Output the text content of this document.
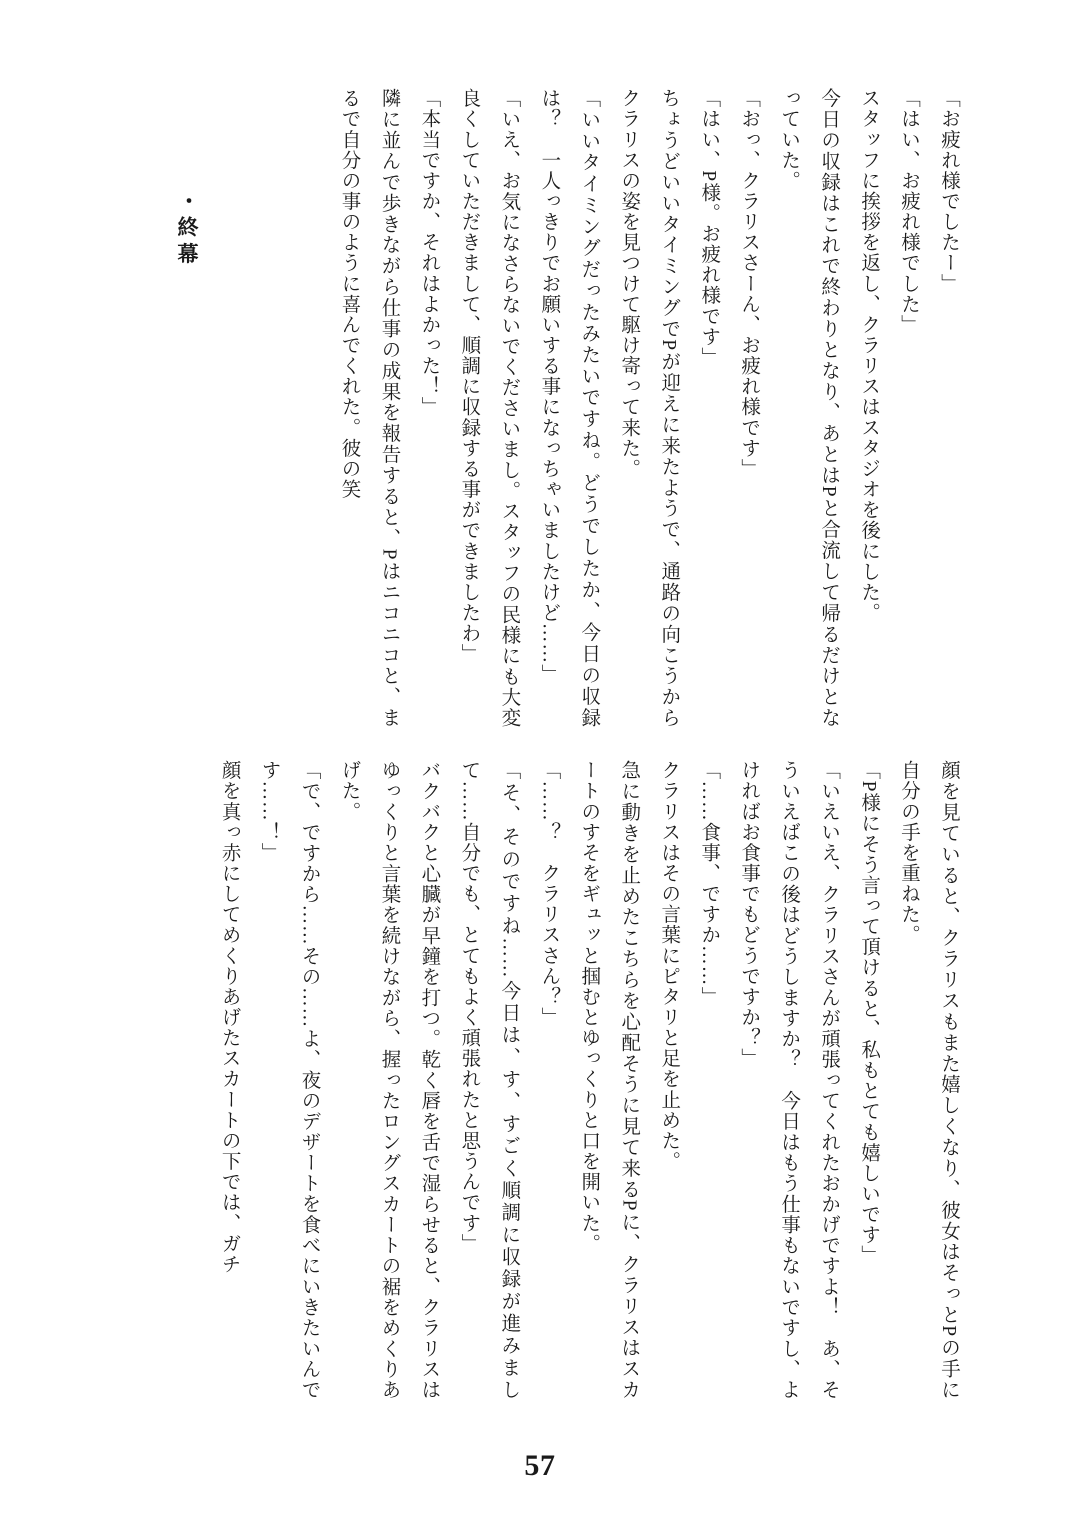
・終幕	「お疲れ様でしたー」

「はい、お疲れ様でした」

スタッフに挨拶を返し、クラリスはスタジオを後にした。

今日の収録はこれで終わりとなり、あとはPと合流して帰るだけとなっていた。

「おっ、クラリスさーん、お疲れ様です」

「はい、P様。お疲れ様です」

ちょうどいいタイミングでPが迎えに来たようで、通路の向こうからクラリスの姿を見つけて駆け寄って来た。

「いいタイミングだったみたいですね。どうでしたか、今日の収録は？　一人っきりでお願いする事になっちゃいましたけど……」

「いえ、お気になさらないでくださいまし。スタッフの民様にも大変良くしていただきまして、順調に収録する事ができましたわ」

「本当ですか、それはよかった！」

隣に並んで歩きながら仕事の成果を報告すると、Pはニコニコと、まるで自分の事のように喜んでくれた。彼の笑

顔を見ていると、クラリスもまた嬉しくなり、彼女はそっとPの手に自分の手を重ねた。

「P様にそう言って頂けると、私もとても嬉しいです」

「いえいえ、クラリスさんが頑張ってくれたおかげですよ！　あ、そういえばこの後はどうしますか？　今日はもう仕事もないですし、よければお食事でもどうですか？」

「……食事、ですか……」

クラリスはその言葉にピタリと足を止めた。

急に動きを止めたこちらを心配そうに見て来るPに、クラリスはスカートのすそをギュッと掴むとゆっくりと口を開いた。

「……？　クラリスさん？」

「そ、そのですね……今日は、す、すごく順調に収録が進みまして……自分でも、とてもよく頑張れたと思うんです」

バクバクと心臓が早鐘を打つ。乾く唇を舌で湿らせると、クラリスはゆっくりと言葉を続けながら、握ったロングスカートの裾をめくりあげた。

「で、ですから……その……よ、夜のデザートを食べにいきたいんです……！」

顔を真っ赤にしてめくりあげたスカートの下では、ガチ

57
